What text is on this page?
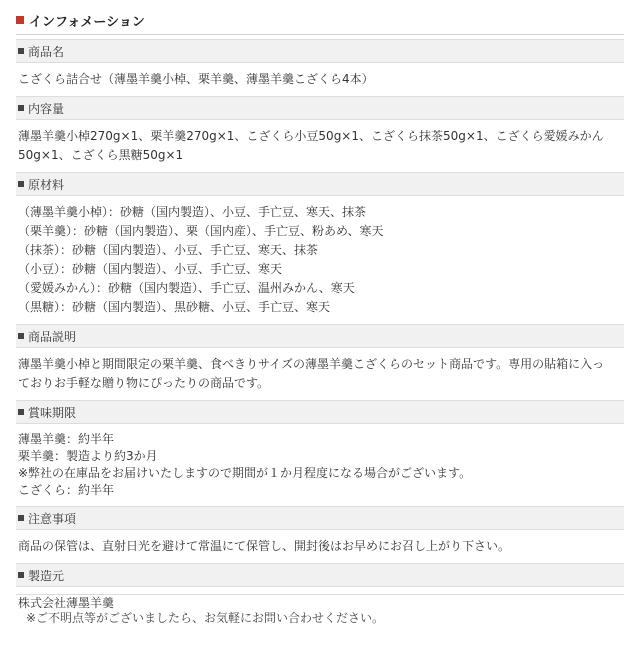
インフォメーション
商品名
こざくら詰合せ（薄墨羊羹小棹、栗羊羹、薄墨羊羹こざくら4本）
内容量
薄墨羊羹小棹270g×1、栗羊羹270g×1、こざくら小豆50g×1、こざくら抹茶50g×1、こざくら愛媛みかん
50g×1、こざくら黒糖50g×1
原材料
（薄墨羊羹小棹）：砂糖（国内製造）、小豆、手亡豆、寒天、抹茶
（栗羊羹）：砂糖（国内製造）、栗（国内産）、手亡豆、粉あめ、寒天
（抹茶）：砂糖（国内製造）、小豆、手亡豆、寒天、抹茶
（小豆）：砂糖（国内製造）、小豆、手亡豆、寒天
（愛媛みかん）：砂糖（国内製造）、手亡豆、温州みかん、寒天
（黒糖）：砂糖（国内製造）、黒砂糖、小豆、手亡豆、寒天
商品説明
薄墨羊羹小棹と期間限定の栗羊羹、食べきりサイズの薄墨羊羹こざくらのセット商品です。専用の貼箱に入っ
ておりお手軽な贈り物にぴったりの商品です。
賞味期限
薄墨羊羹：約半年
栗羊羹：製造より約3か月
※弊社の在庫品をお届けいたしますので期間が１か月程度になる場合がございます。
こざくら：約半年
注意事項
商品の保管は、直射日光を避けて常温にて保管し、開封後はお早めにお召し上がり下さい。
製造元
株式会社薄墨羊羹
※ご不明点等がございましたら、お気軽にお問い合わせください。
